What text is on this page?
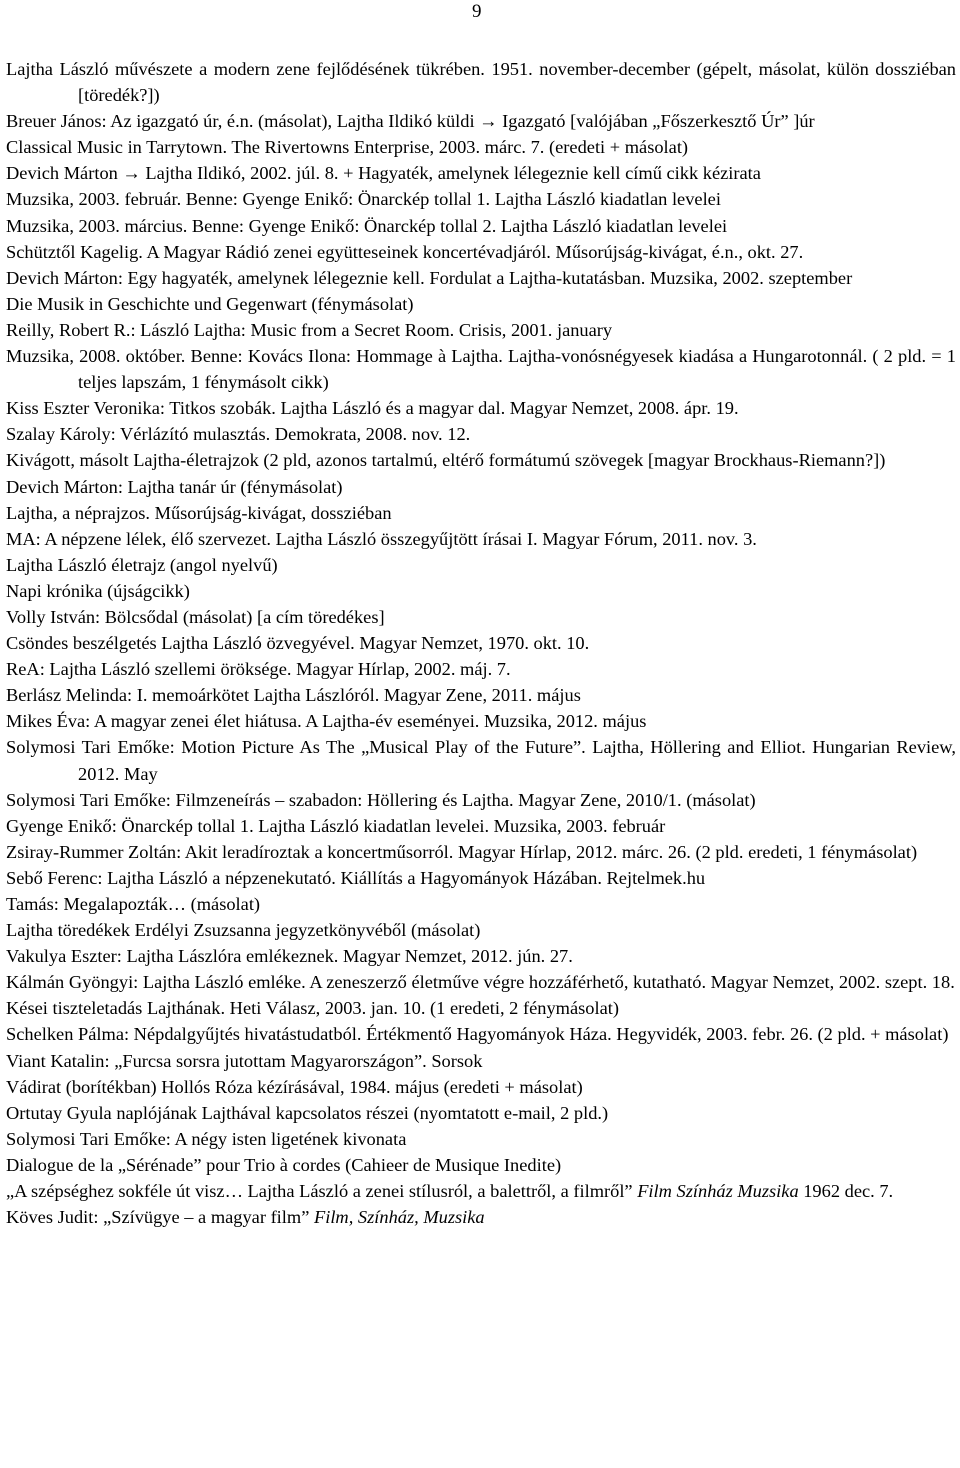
9

Lajtha László művészete a modern zene fejlődésének tükrében. 1951. november-december (gépelt, másolat, külön dossziéban [töredék?])

Breuer János: Az igazgató úr, é.n. (másolat), Lajtha Ildikó küldi → Igazgató [valójában „Főszerkesztő Úr” ]úr

Classical Music in Tarrytown. The Rivertowns Enterprise, 2003. márc. 7. (eredeti + másolat)

Devich Márton → Lajtha Ildikó, 2002. júl. 8. + Hagyaték, amelynek lélegeznie kell című cikk kézirata

Muzsika, 2003. február. Benne: Gyenge Enikő: Önarckép tollal 1. Lajtha László kiadatlan levelei

Muzsika, 2003. március. Benne: Gyenge Enikő: Önarckép tollal 2. Lajtha László kiadatlan levelei

Schütztől Kagelig. A Magyar Rádió zenei együtteseinek koncertévadjáról. Műsorújság-kivágat, é.n., okt. 27.

Devich Márton: Egy hagyaték, amelynek lélegeznie kell. Fordulat a Lajtha-kutatásban. Muzsika, 2002. szeptember

Die Musik in Geschichte und Gegenwart (fénymásolat)

Reilly, Robert R.: László Lajtha: Music from a Secret Room. Crisis, 2001. january

Muzsika, 2008. október. Benne: Kovács Ilona: Hommage à Lajtha. Lajtha-vonósnégyesek kiadása a Hungarotonnál. ( 2 pld. = 1 teljes lapszám, 1 fénymásolt cikk)

Kiss Eszter Veronika: Titkos szobák. Lajtha László és a magyar dal. Magyar Nemzet, 2008. ápr. 19.

Szalay Károly: Vérlázító mulasztás. Demokrata, 2008. nov. 12.

Kivágott, másolt Lajtha-életrajzok (2 pld, azonos tartalmú, eltérő formátumú szövegek [magyar Brockhaus-Riemann?])

Devich Márton: Lajtha tanár úr (fénymásolat)

Lajtha, a néprajzos. Műsorújság-kivágat, dossziéban

MA: A népzene lélek, élő szervezet. Lajtha László összegyűjtött írásai I. Magyar Fórum, 2011. nov. 3.

Lajtha László életrajz (angol nyelvű)

Napi krónika (újságcikk)

Volly István: Bölcsődal (másolat) [a cím töredékes]

Csöndes beszélgetés Lajtha László özvegyével. Magyar Nemzet, 1970. okt. 10.

ReA: Lajtha László szellemi öröksége. Magyar Hírlap, 2002. máj. 7.

Berlász Melinda: I. memoárkötet Lajtha Lászlóról. Magyar Zene, 2011. május

Mikes Éva: A magyar zenei élet hiátusa. A Lajtha-év eseményei. Muzsika, 2012. május

Solymosi Tari Emőke: Motion Picture As The „Musical Play of the Future”. Lajtha, Höllering and Elliot. Hungarian Review, 2012. May

Solymosi Tari Emőke: Filmzeneírás – szabadon: Höllering és Lajtha. Magyar Zene, 2010/1. (másolat)

Gyenge Enikő: Önarckép tollal 1. Lajtha László kiadatlan levelei. Muzsika, 2003. február

Zsiray-Rummer Zoltán: Akit leradíroztak a koncertműsorról. Magyar Hírlap, 2012. márc. 26. (2 pld. eredeti, 1 fénymásolat)

Sebő Ferenc: Lajtha László a népzenekutató. Kiállítás a Hagyományok Házában. Rejtelmek.hu

Tamás: Megalapozták… (másolat)

Lajtha töredékek Erdélyi Zsuzsanna jegyzetkönyvéből (másolat)

Vakulya Eszter: Lajtha Lászlóra emlékeznek. Magyar Nemzet, 2012. jún. 27.

Kálmán Gyöngyi: Lajtha László emléke. A zeneszerző életműve végre hozzáférhető, kutatható. Magyar Nemzet, 2002. szept. 18.

Kései tiszteletadás Lajthának. Heti Válasz, 2003. jan. 10. (1 eredeti, 2 fénymásolat)

Schelken Pálma: Népdalgyűjtés hivatástudatból. Értékmentő Hagyományok Háza. Hegyvidék, 2003. febr. 26. (2 pld. + másolat)

Viant Katalin: „Furcsa sorsra jutottam Magyarországon”. Sorsok

Vádirat (borítékban) Hollós Róza kézírásával, 1984. május (eredeti + másolat)

Ortutay Gyula naplójának Lajthával kapcsolatos részei (nyomtatott e-mail, 2 pld.)

Solymosi Tari Emőke: A négy isten ligetének kivonata

Dialogue de la „Sérénade” pour Trio à cordes (Cahieer de Musique Inedite)

„A szépséghez sokféle út visz… Lajtha László a zenei stílusról, a balettről, a filmről” Film Színház Muzsika 1962 dec. 7.

Köves Judit: „Szívügye – a magyar film” Film, Színház, Muzsika
